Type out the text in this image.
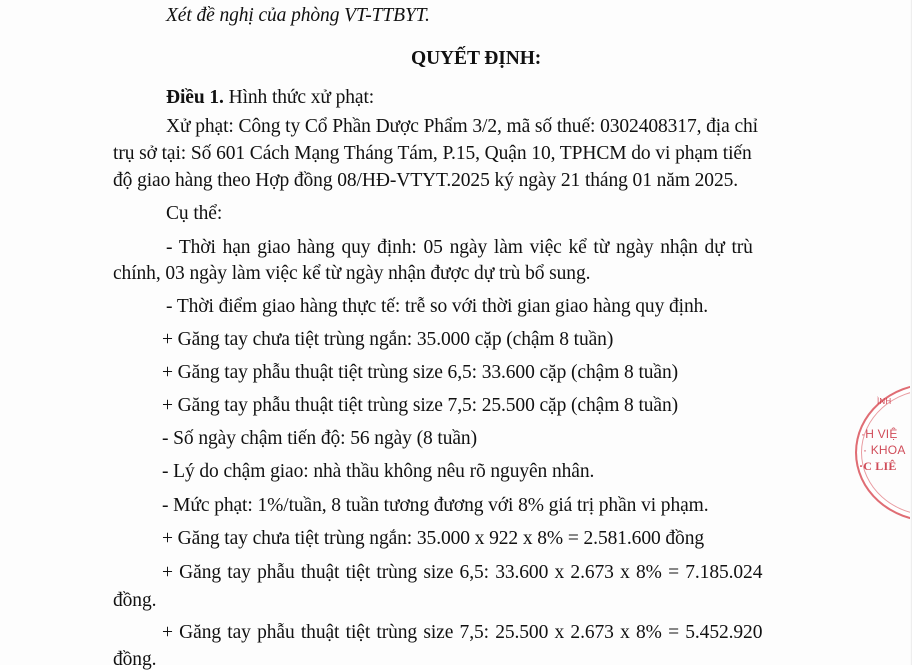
Xét đề nghị của phòng VT-TTBYT.
QUYẾT ĐỊNH:
Điều 1. Hình thức xử phạt:
Xử phạt: Công ty Cổ Phần Dược Phẩm 3/2, mã số thuế: 0302408317, địa chỉ
trụ sở tại: Số 601 Cách Mạng Tháng Tám, P.15, Quận 10, TPHCM do vi phạm tiến
độ giao hàng theo Hợp đồng 08/HĐ-VTYT.2025 ký ngày 21 tháng 01 năm 2025.
Cụ thể:
- Thời hạn giao hàng quy định: 05 ngày làm việc kể từ ngày nhận dự trù
chính, 03 ngày làm việc kể từ ngày nhận được dự trù bổ sung.
- Thời điểm giao hàng thực tế: trễ so với thời gian giao hàng quy định.
+ Găng tay chưa tiệt trùng ngắn: 35.000 cặp (chậm 8 tuần)
+ Găng tay phẫu thuật tiệt trùng size 6,5: 33.600 cặp (chậm 8 tuần)
+ Găng tay phẫu thuật tiệt trùng size 7,5: 25.500 cặp (chậm 8 tuần)
- Số ngày chậm tiến độ: 56 ngày (8 tuần)
- Lý do chậm giao: nhà thầu không nêu rõ nguyên nhân.
- Mức phạt: 1%/tuần, 8 tuần tương đương với 8% giá trị phần vi phạm.
+ Găng tay chưa tiệt trùng ngắn: 35.000 x 922 x 8% = 2.581.600 đồng
+ Găng tay phẫu thuật tiệt trùng size 6,5: 33.600 x 2.673 x 8% = 7.185.024
đồng.
+ Găng tay phẫu thuật tiệt trùng size 7,5: 25.500 x 2.673 x 8% = 5.452.920
đồng.
ÌNH
·H VIỆ
· KHOA
·C LIÊ
